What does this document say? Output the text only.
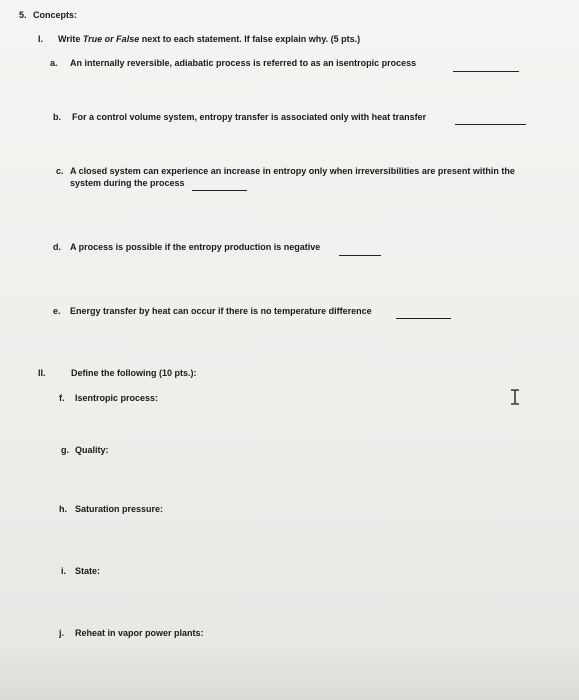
5. Concepts:
I. Write True or False next to each statement. If false explain why. (5 pts.)
a. An internally reversible, adiabatic process is referred to as an isentropic process
b. For a control volume system, entropy transfer is associated only with heat transfer
c. A closed system can experience an increase in entropy only when irreversibilities are present within the
system during the process
d. A process is possible if the entropy production is negative
e. Energy transfer by heat can occur if there is no temperature difference
II.	Define the following (10 pts.):
f. Isentropic process:
g. Quality:
h. Saturation pressure:
i. State:
j. Reheat in vapor power plants:
